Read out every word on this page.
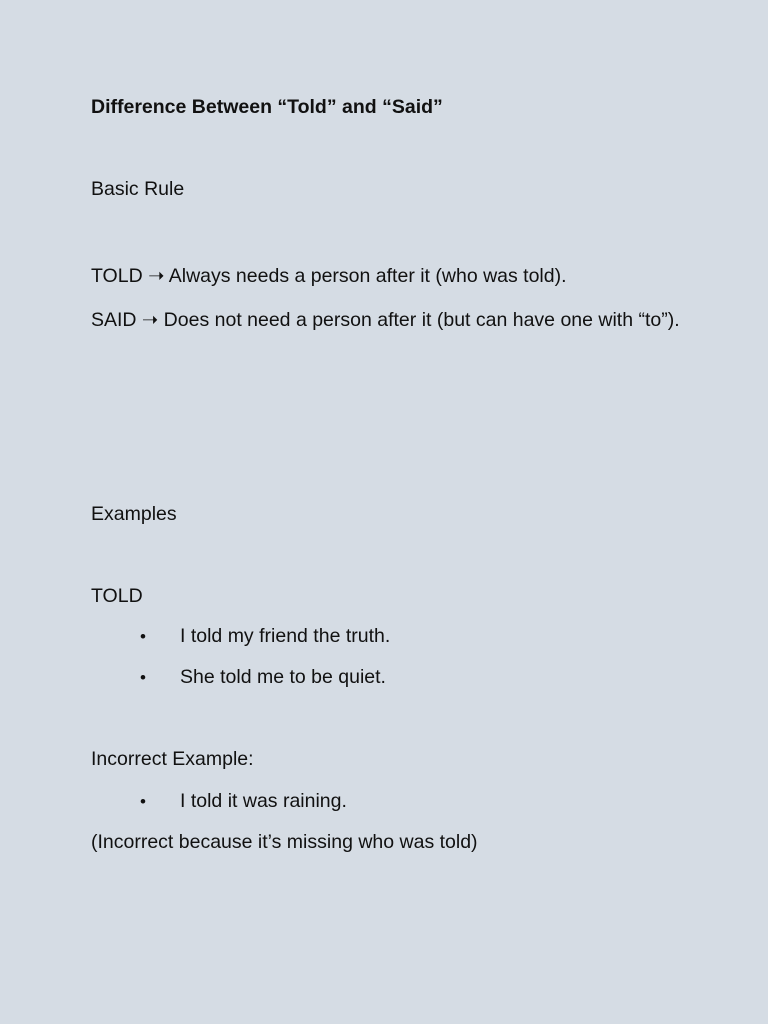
Difference Between “Told” and “Said”

Basic Rule

TOLD ➝ Always needs a person after it (who was told).

SAID ➝ Does not need a person after it (but can have one with “to”).

Examples

TOLD

• I told my friend the truth.

• She told me to be quiet.

Incorrect Example:

• I told it was raining.

(Incorrect because it’s missing who was told)
